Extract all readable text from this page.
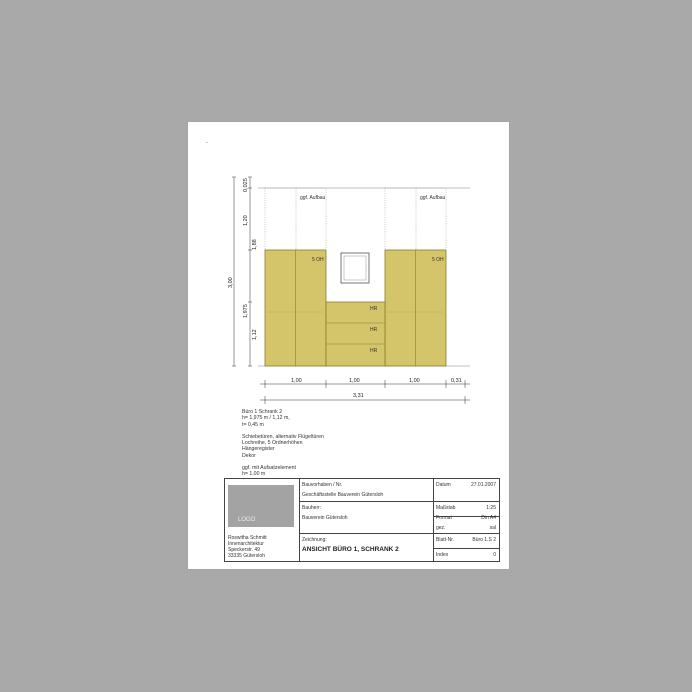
-
ggf. Aufbau	ggf. Aufbau
5 OH	5 OH
HR
HR
HR
0,025
1,20
1,88
3,00
1,975
1,12
1,00	1,00	1,00	0,31
3,31
Büro 1 Schrank 2
h= 1,975 m / 1,12 m,
t= 0,45 m
Schiebetüren, alternativ Flügeltüren
Lochreihe, 5 Ordnerhöhen
Hängeregister
Dekor
ggf. mit Aufsatzelement
h= 1,00 m
LOGO
Roswitha Schmitt
Innenarchitektur
Speckerstr. 49
33335 Gütersloh
Bauvorhaben / Nr.
Geschäftsstelle Bauverein Gütersloh
Bauherr:
Bauverein Gütersloh
Zeichnung:
ANSICHT BÜRO 1, SCHRANK 2
Datum	27.01.2007
Maßstab	1:25
Format	Din A4
gez.	sal
Blatt-Nr.	Büro 1.S 2
Index	0
